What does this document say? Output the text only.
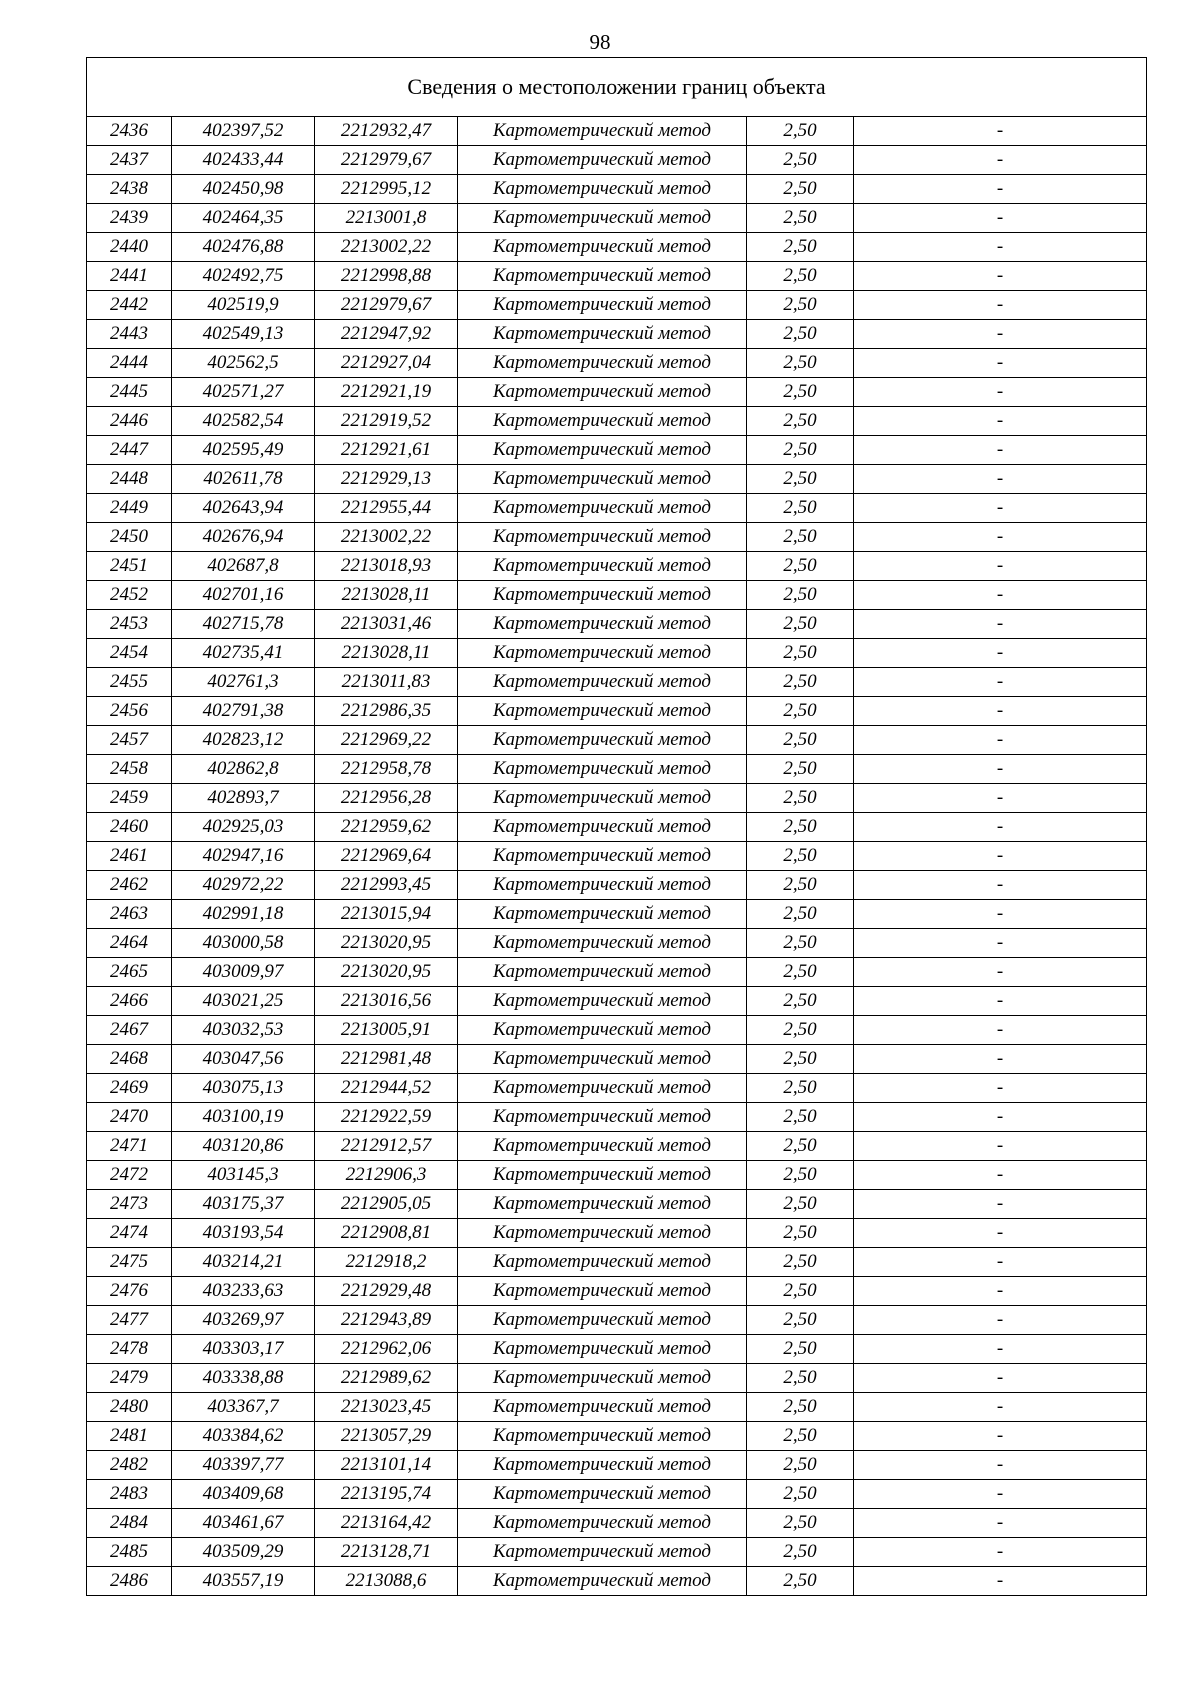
98
Сведения о местоположении границ объекта					
2436	402397,52	2212932,47	Картометрический метод	2,50	-
2437	402433,44	2212979,67	Картометрический метод	2,50	-
2438	402450,98	2212995,12	Картометрический метод	2,50	-
2439	402464,35	2213001,8	Картометрический метод	2,50	-
2440	402476,88	2213002,22	Картометрический метод	2,50	-
2441	402492,75	2212998,88	Картометрический метод	2,50	-
2442	402519,9	2212979,67	Картометрический метод	2,50	-
2443	402549,13	2212947,92	Картометрический метод	2,50	-
2444	402562,5	2212927,04	Картометрический метод	2,50	-
2445	402571,27	2212921,19	Картометрический метод	2,50	-
2446	402582,54	2212919,52	Картометрический метод	2,50	-
2447	402595,49	2212921,61	Картометрический метод	2,50	-
2448	402611,78	2212929,13	Картометрический метод	2,50	-
2449	402643,94	2212955,44	Картометрический метод	2,50	-
2450	402676,94	2213002,22	Картометрический метод	2,50	-
2451	402687,8	2213018,93	Картометрический метод	2,50	-
2452	402701,16	2213028,11	Картометрический метод	2,50	-
2453	402715,78	2213031,46	Картометрический метод	2,50	-
2454	402735,41	2213028,11	Картометрический метод	2,50	-
2455	402761,3	2213011,83	Картометрический метод	2,50	-
2456	402791,38	2212986,35	Картометрический метод	2,50	-
2457	402823,12	2212969,22	Картометрический метод	2,50	-
2458	402862,8	2212958,78	Картометрический метод	2,50	-
2459	402893,7	2212956,28	Картометрический метод	2,50	-
2460	402925,03	2212959,62	Картометрический метод	2,50	-
2461	402947,16	2212969,64	Картометрический метод	2,50	-
2462	402972,22	2212993,45	Картометрический метод	2,50	-
2463	402991,18	2213015,94	Картометрический метод	2,50	-
2464	403000,58	2213020,95	Картометрический метод	2,50	-
2465	403009,97	2213020,95	Картометрический метод	2,50	-
2466	403021,25	2213016,56	Картометрический метод	2,50	-
2467	403032,53	2213005,91	Картометрический метод	2,50	-
2468	403047,56	2212981,48	Картометрический метод	2,50	-
2469	403075,13	2212944,52	Картометрический метод	2,50	-
2470	403100,19	2212922,59	Картометрический метод	2,50	-
2471	403120,86	2212912,57	Картометрический метод	2,50	-
2472	403145,3	2212906,3	Картометрический метод	2,50	-
2473	403175,37	2212905,05	Картометрический метод	2,50	-
2474	403193,54	2212908,81	Картометрический метод	2,50	-
2475	403214,21	2212918,2	Картометрический метод	2,50	-
2476	403233,63	2212929,48	Картометрический метод	2,50	-
2477	403269,97	2212943,89	Картометрический метод	2,50	-
2478	403303,17	2212962,06	Картометрический метод	2,50	-
2479	403338,88	2212989,62	Картометрический метод	2,50	-
2480	403367,7	2213023,45	Картометрический метод	2,50	-
2481	403384,62	2213057,29	Картометрический метод	2,50	-
2482	403397,77	2213101,14	Картометрический метод	2,50	-
2483	403409,68	2213195,74	Картометрический метод	2,50	-
2484	403461,67	2213164,42	Картометрический метод	2,50	-
2485	403509,29	2213128,71	Картометрический метод	2,50	-
2486	403557,19	2213088,6	Картометрический метод	2,50	-
